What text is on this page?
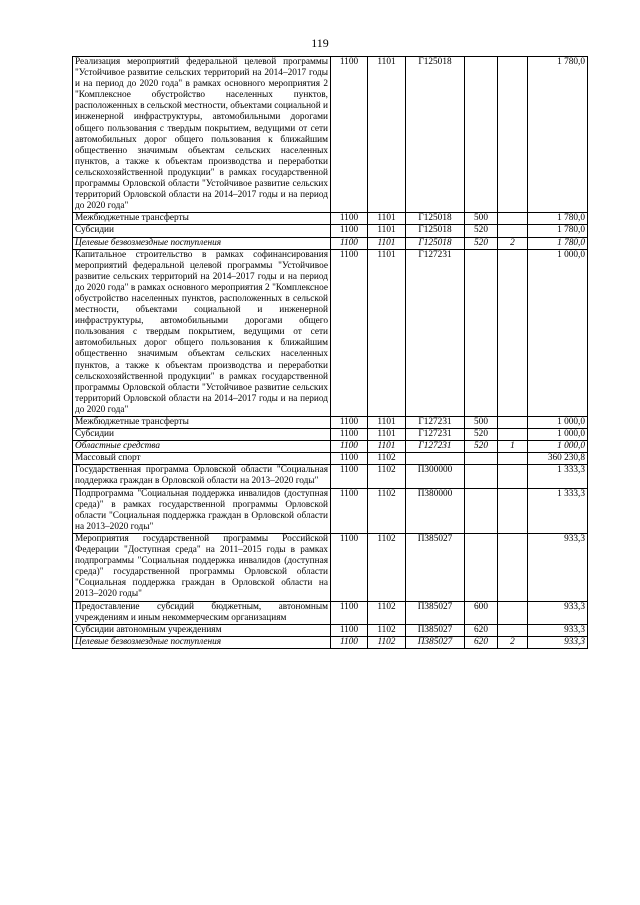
119
Реализация мероприятий федеральной целевой программы "Устойчивое развитие сельских территорий на 2014–2017 годы и на период до 2020 года" в рамках основного мероприятия 2 "Комплексное обустройство населенных пунктов, расположенных в сельской местности, объектами социальной и инженерной инфраструктуры, автомобильными дорогами общего пользования с твердым покрытием, ведущими от сети автомобильных дорог общего пользования к ближайшим общественно значимым объектам сельских населенных пунктов, а также к объектам производства и переработки сельскохозяйственной продукции" в рамках государственной программы Орловской области "Устойчивое развитие сельских территорий Орловской области на 2014–2017 годы и на период до 2020 года"	1100	1101	Г125018			1 780,0
Межбюджетные трансферты	1100	1101	Г125018	500		1 780,0
Субсидии	1100	1101	Г125018	520		1 780,0
Целевые безвозмездные поступления	1100	1101	Г125018	520	2	1 780,0
Капитальное строительство в рамках софинансирования мероприятий федеральной целевой программы "Устойчивое развитие сельских территорий на 2014–2017 годы и на период до 2020 года" в рамках основного мероприятия 2 "Комплексное обустройство населенных пунктов, расположенных в сельской местности, объектами социальной и инженерной инфраструктуры, автомобильными дорогами общего пользования с твердым покрытием, ведущими от сети автомобильных дорог общего пользования к ближайшим общественно значимым объектам сельских населенных пунктов, а также к объектам производства и переработки сельскохозяйственной продукции" в рамках государственной программы Орловской области "Устойчивое развитие сельских территорий Орловской области на 2014–2017 годы и на период до 2020 года"	1100	1101	Г127231			1 000,0
Межбюджетные трансферты	1100	1101	Г127231	500		1 000,0
Субсидии	1100	1101	Г127231	520		1 000,0
Областные средства	1100	1101	Г127231	520	1	1 000,0
Массовый спорт	1100	1102				360 230,8
Государственная программа Орловской области "Социальная поддержка граждан в Орловской области на 2013–2020 годы"	1100	1102	П300000			1 333,3
Подпрограмма "Социальная поддержка инвалидов (доступная среда)" в рамках государственной программы Орловской области "Социальная поддержка граждан в Орловской области на 2013–2020 годы"	1100	1102	П380000			1 333,3
Мероприятия государственной программы Российской Федерации "Доступная среда" на 2011–2015 годы в рамках подпрограммы "Социальная поддержка инвалидов (доступная среда)" государственной программы Орловской области "Социальная поддержка граждан в Орловской области на 2013–2020 годы"	1100	1102	П385027			933,3
Предоставление субсидий бюджетным, автономным учреждениям и иным некоммерческим организациям	1100	1102	П385027	600		933,3
Субсидии автономным учреждениям	1100	1102	П385027	620		933,3
Целевые безвозмездные поступления	1100	1102	П385027	620	2	933,3
